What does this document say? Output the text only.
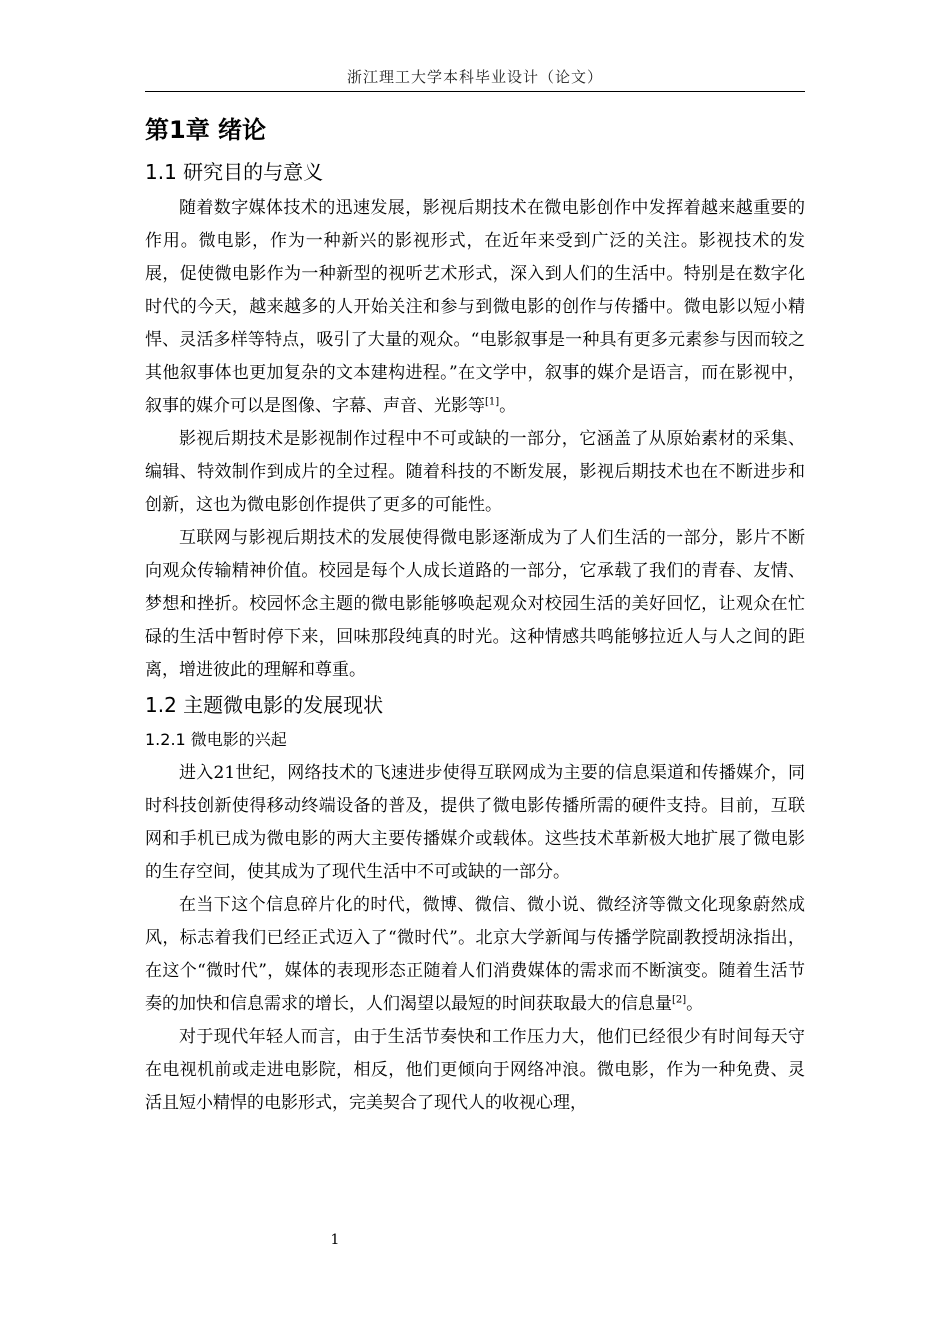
浙江理工大学本科毕业设计（论文）
第1章 绪论
1.1 研究目的与意义

随着数字媒体技术的迅速发展，影视后期技术在微电影创作中发挥着越来越重要的作用。微电影，作为一种新兴的影视形式，在近年来受到广泛的关注。影视技术的发展，促使微电影作为一种新型的视听艺术形式，深入到人们的生活中。特别是在数字化时代的今天，越来越多的人开始关注和参与到微电影的创作与传播中。微电影以短小精悍、灵活多样等特点，吸引了大量的观众。“电影叙事是一种具有更多元素参与因而较之其他叙事体也更加复杂的文本建构进程。”在文学中，叙事的媒介是语言，而在影视中，叙事的媒介可以是图像、字幕、声音、光影等[1]。

影视后期技术是影视制作过程中不可或缺的一部分，它涵盖了从原始素材的采集、编辑、特效制作到成片的全过程。随着科技的不断发展，影视后期技术也在不断进步和创新，这也为微电影创作提供了更多的可能性。

互联网与影视后期技术的发展使得微电影逐渐成为了人们生活的一部分，影片不断向观众传输精神价值。校园是每个人成长道路的一部分，它承载了我们的青春、友情、梦想和挫折。校园怀念主题的微电影能够唤起观众对校园生活的美好回忆，让观众在忙碌的生活中暂时停下来，回味那段纯真的时光。这种情感共鸣能够拉近人与人之间的距离，增进彼此的理解和尊重。

1.2 主题微电影的发展现状
1.2.1 微电影的兴起

进入21世纪，网络技术的飞速进步使得互联网成为主要的信息渠道和传播媒介，同时科技创新使得移动终端设备的普及，提供了微电影传播所需的硬件支持。目前，互联网和手机已成为微电影的两大主要传播媒介或载体。这些技术革新极大地扩展了微电影的生存空间，使其成为了现代生活中不可或缺的一部分。

在当下这个信息碎片化的时代，微博、微信、微小说、微经济等微文化现象蔚然成风，标志着我们已经正式迈入了“微时代”。北京大学新闻与传播学院副教授胡泳指出，在这个“微时代”，媒体的表现形态正随着人们消费媒体的需求而不断演变。随着生活节奏的加快和信息需求的增长，人们渴望以最短的时间获取最大的信息量[2]。

对于现代年轻人而言，由于生活节奏快和工作压力大，他们已经很少有时间每天守在电视机前或走进电影院，相反，他们更倾向于网络冲浪。微电影，作为一种免费、灵活且短小精悍的电影形式，完美契合了现代人的收视心理，

1
